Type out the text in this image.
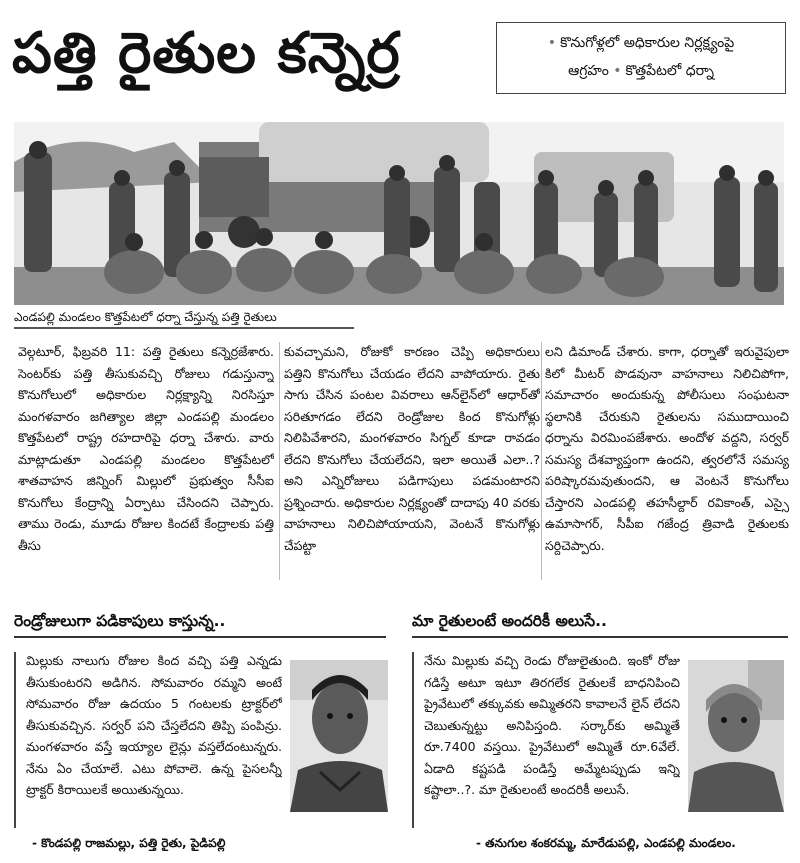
పత్తి రైతుల కన్నెర్ర	• కొనుగోళ్లలో అధికారుల నిర్లక్ష్యంపై
ఆగ్రహం • కొత్తపేటలో ధర్నా
ఎండపల్లి మండలం కొత్తపేటలో ధర్నా చేస్తున్న పత్తి రైతులు
వెల్గటూర్, ఫిబ్రవరి 11: పత్తి రైతులు కన్నెర్రజేశారు. సెంటర్‌కు పత్తి తీసుకువచ్చి రోజులు గడుస్తున్నా కొనుగోలులో అధికారుల నిర్లక్ష్యాన్ని నిరసిస్తూ మంగళవారం జగిత్యాల జిల్లా ఎండపల్లి మండలం కొత్తపేటలో రాష్ట్ర రహదారిపై ధర్నా చేశారు. వారు మాట్లాడుతూ ఎండపల్లి మండలం కొత్తపేటలో శాతవాహన జిన్నింగ్ మిల్లులో ప్రభుత్వం సీసీఐ కొనుగోలు కేంద్రాన్ని ఏర్పాటు చేసిందని చెప్పారు. తాము రెండు, మూడు రోజుల కిందటే కేంద్రాలకు పత్తి తీసు
కువచ్చామని, రోజుకో కారణం చెప్పి అధికారులు పత్తిని కొనుగోలు చేయడం లేదని వాపోయారు. రైతు సాగు చేసిన పంటల వివరాలు ఆన్‌లైన్‌లో ఆధార్‌తో సరితూగడం లేదని రెండ్రోజుల కింద కొనుగోళ్లు నిలిపివేశారని, మంగళవారం సిగ్నల్ కూడా రావడం లేదని కొనుగోలు చేయలేదని, ఇలా అయితే ఎలా..? అని ఎన్నిరోజులు పడిగాపులు పడమంటారని ప్రశ్నించారు. అధికారుల నిర్లక్ష్యంతో దాదాపు 40 వరకు వాహనాలు నిలిచిపోయాయని, వెంటనే కొనుగోళ్లు చేపట్టా
లని డిమాండ్ చేశారు. కాగా, ధర్నాతో ఇరువైపులా కిలో మీటర్ పొడవునా వాహనాలు నిలిచిపోగా, సమాచారం అందుకున్న పోలీసులు సంఘటనా స్థలానికి చేరుకుని రైతులను సముదాయించి ధర్నాను విరమింపజేశారు. అందోళ వద్దని, సర్వర్ సమస్య దేశవ్యాప్తంగా ఉందని, త్వరలోనే సమస్య పరిష్కారమవుతుందని, ఆ వెంటనే కొనుగోలు చేస్తారని ఎండపల్లి తహసీల్దార్ రవికాంత్, ఎస్సై ఉమాసాగర్, సీపీఐ గజేంద్ర త్రివాడి రైతులకు సర్దిచెప్పారు.
రెండ్రోజులుగా పడికాపులు కాస్తున్న..
మిల్లుకు నాలుగు రోజుల కింద వచ్చి పత్తి ఎన్నడు తీసుకుంటరని అడిగిన. సోమవారం రమ్మని అంటే సోమవారం రోజు ఉదయం 5 గంటలకు ట్రాక్టర్‌లో తీసుకువచ్చిన. సర్వర్ పని చేస్తలేదని తిప్పి పంపిన్రు. మంగళవారం వస్తే ఇయ్యాల లైన్లు వస్తలేదంటున్నరు. నేను ఏం చేయాలే. ఎటు పోవాలె. ఉన్న పైసలన్నీ ట్రాక్టర్ కిరాయిలకే అయితున్నయి.
- కొండపల్లి రాజమల్లు, పత్తి రైతు, పైడిపల్లి
మా రైతులంటే అందరికీ అలుసే..
నేను మిల్లుకు వచ్చి రెండు రోజులైతుంది. ఇంకో రోజు గడిస్తే అటూ ఇటూ తిరగలేక రైతులకే బాధనిపించి ప్రైవేటులో తక్కువకు అమ్మితరని కావాలనే లైన్ లేదని చెబుతున్నట్టు అనిపిస్తంది. సర్కార్‌కు అమ్మితే రూ.7400 వస్తయి. ప్రైవేటులో అమ్మితే రూ.6వేలే. ఏడాది కష్టపడి పండిస్తే అమ్మేటప్పుడు ఇన్ని కష్టాలా..?. మా రైతులంటే అందరికీ అలుసే.
- తనుగుల శంకరమ్మ, మారేడుపల్లి, ఎండపల్లి మండలం.
